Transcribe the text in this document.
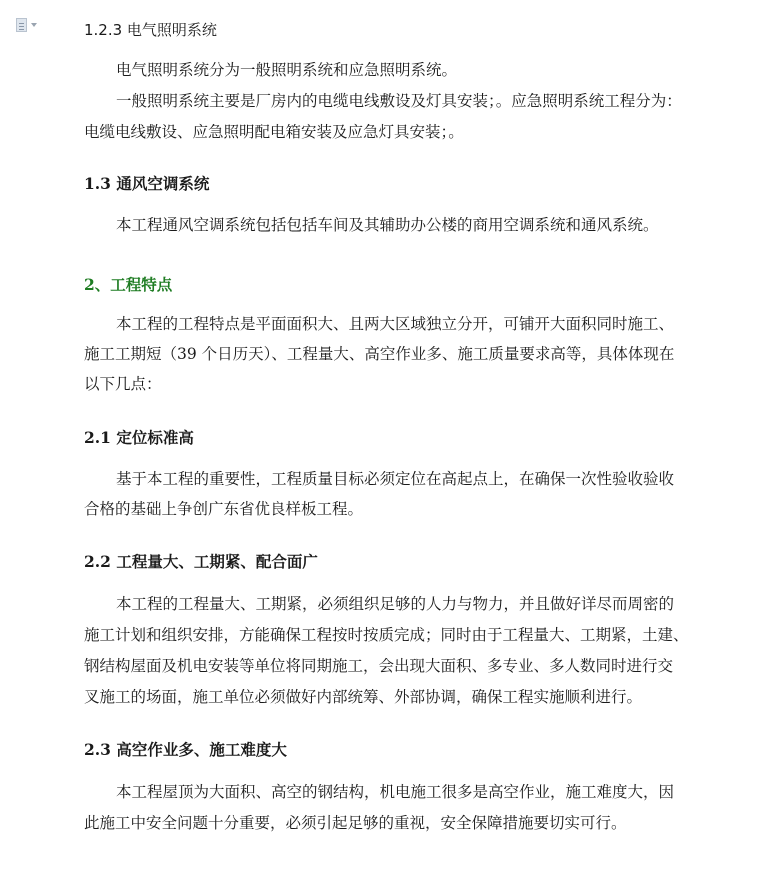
1.2.3 电气照明系统
电气照明系统分为一般照明系统和应急照明系统。
一般照明系统主要是厂房内的电缆电线敷设及灯具安装；。应急照明系统工程分为：
电缆电线敷设、应急照明配电箱安装及应急灯具安装；。
1.3 通风空调系统
本工程通风空调系统包括包括车间及其辅助办公楼的商用空调系统和通风系统。
2、工程特点
本工程的工程特点是平面面积大、且两大区域独立分开，可铺开大面积同时施工、
施工工期短（39 个日历天）、工程量大、高空作业多、施工质量要求高等，具体体现在
以下几点：
2.1 定位标准高
基于本工程的重要性，工程质量目标必须定位在高起点上，在确保一次性验收验收
合格的基础上争创广东省优良样板工程。
2.2 工程量大、工期紧、配合面广
本工程的工程量大、工期紧，必须组织足够的人力与物力，并且做好详尽而周密的
施工计划和组织安排，方能确保工程按时按质完成；同时由于工程量大、工期紧，土建、
钢结构屋面及机电安装等单位将同期施工，会出现大面积、多专业、多人数同时进行交
叉施工的场面，施工单位必须做好内部统筹、外部协调，确保工程实施顺利进行。
2.3 高空作业多、施工难度大
本工程屋顶为大面积、高空的钢结构，机电施工很多是高空作业，施工难度大，因
此施工中安全问题十分重要，必须引起足够的重视，安全保障措施要切实可行。
